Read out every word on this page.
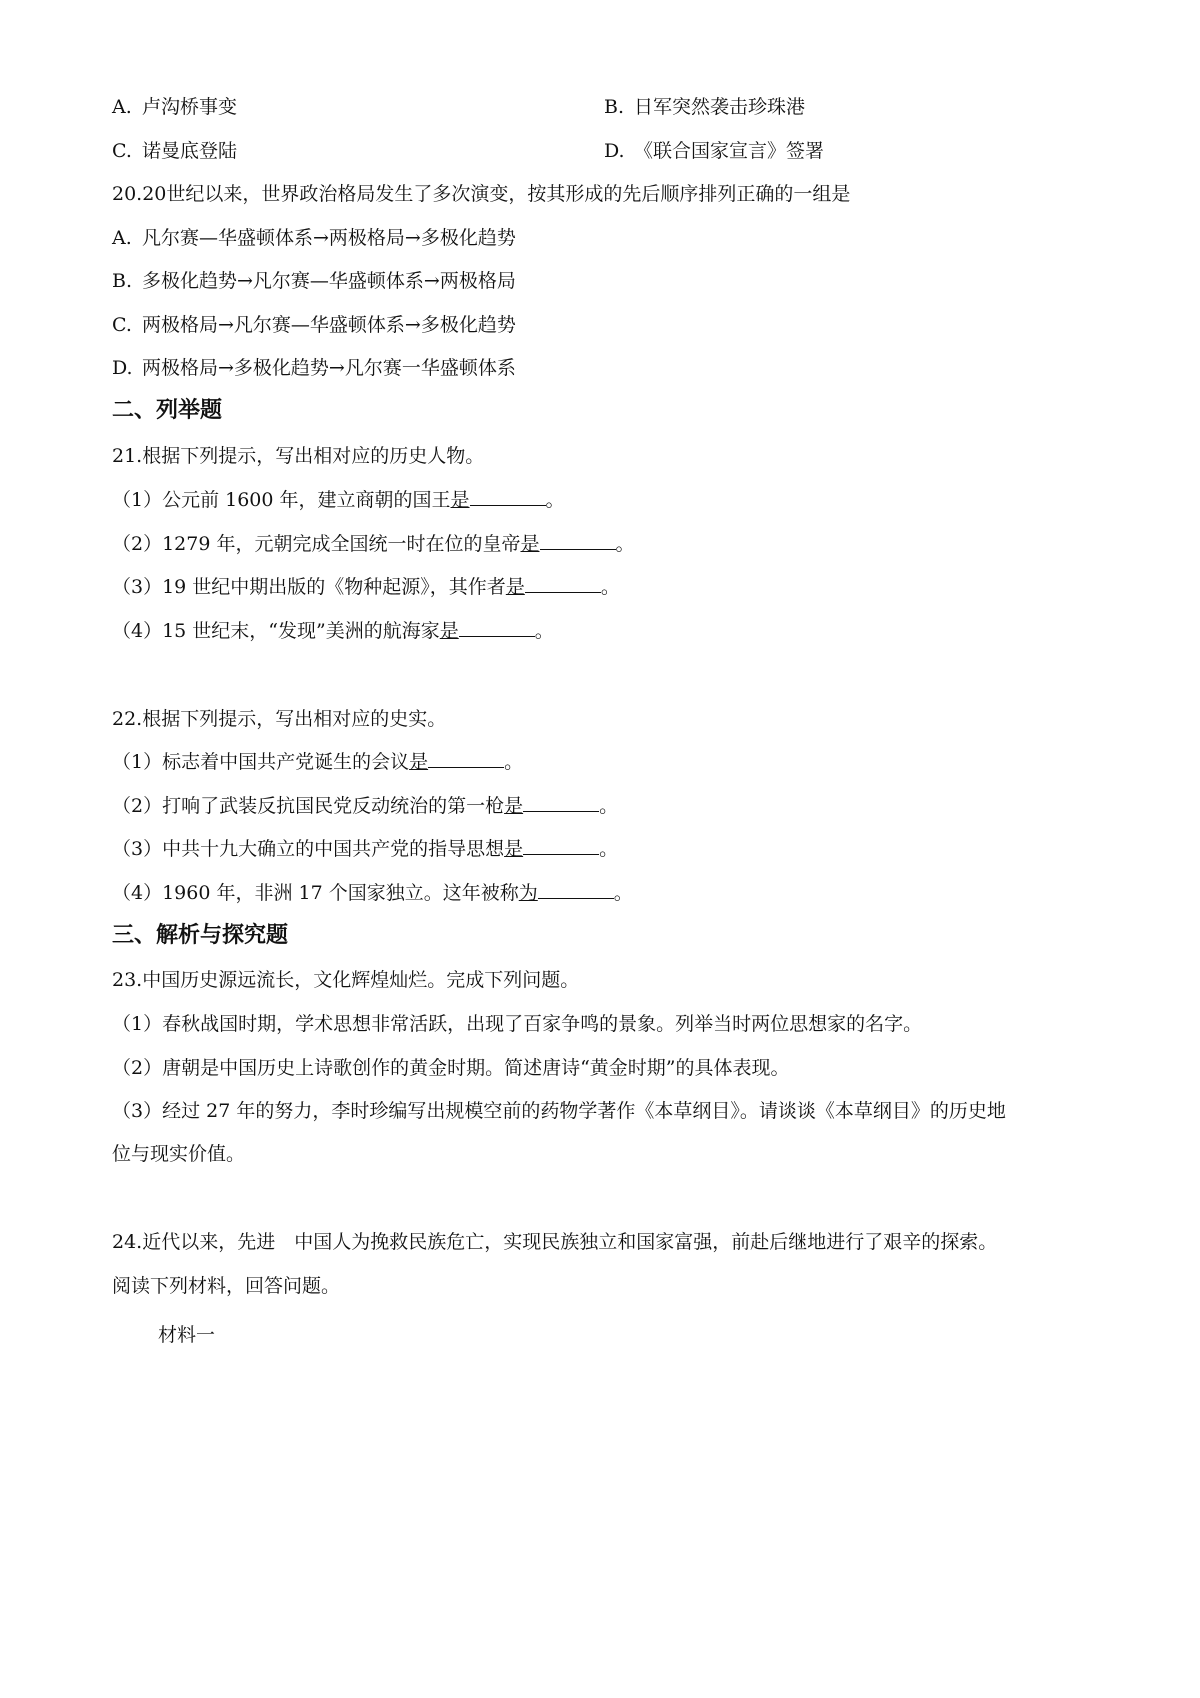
A. 卢沟桥事变	B. 日军突然袭击珍珠港
C. 诺曼底登陆	D. 《联合国家宣言》签署
20.20世纪以来，世界政治格局发生了多次演变，按其形成的先后顺序排列正确的一组是
A. 凡尔赛—华盛顿体系→两极格局→多极化趋势
B. 多极化趋势→凡尔赛—华盛顿体系→两极格局
C. 两极格局→凡尔赛—华盛顿体系→多极化趋势
D. 两极格局→多极化趋势→凡尔赛一华盛顿体系
二、列举题
21.根据下列提示，写出相对应的历史人物。
（1）公元前 1600 年，建立商朝的国王是	。
（2）1279 年，元朝完成全国统一时在位的皇帝是	。
（3）19 世纪中期出版的《物种起源》，其作者是	。
（4）15 世纪末，“发现”美洲的航海家是	。
22.根据下列提示，写出相对应的史实。
（1）标志着中国共产党诞生的会议是	。
（2）打响了武装反抗国民党反动统治的第一枪是	。
（3）中共十九大确立的中国共产党的指导思想是	。
（4）1960 年，非洲 17 个国家独立。这年被称为	。
三、解析与探究题
23.中国历史源远流长，文化辉煌灿烂。完成下列问题。
（1）春秋战国时期，学术思想非常活跃，出现了百家争鸣的景象。列举当时两位思想家的名字。
（2）唐朝是中国历史上诗歌创作的黄金时期。简述唐诗“黄金时期”的具体表现。
（3）经过 27 年的努力，李时珍编写出规模空前的药物学著作《本草纲目》。请谈谈《本草纲目》的历史地
位与现实价值。
24.近代以来，先进　中国人为挽救民族危亡，实现民族独立和国家富强，前赴后继地进行了艰辛的探索。
阅读下列材料，回答问题。
材料一
